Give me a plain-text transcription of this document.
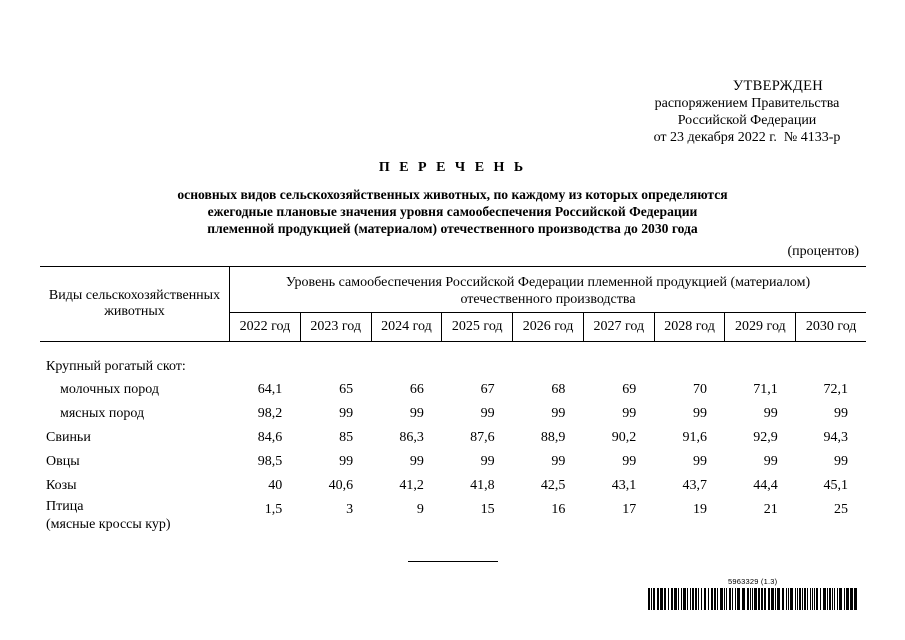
УТВЕРЖДЕН
распоряжением Правительства
Российской Федерации
от 23 декабря 2022 г.  № 4133-р
П Е Р Е Ч Е Н Ь
основных видов сельскохозяйственных животных, по каждому из которых определяются
ежегодные плановые значения уровня самообеспечения Российской Федерации
племенной продукцией (материалом) отечественного производства до 2030 года
(процентов)
Виды сельскохозяйственных животных	Уровень самообеспечения Российской Федерации племенной продукцией (материалом) отечественного производства								
	2022 год	2023 год	2024 год	2025 год	2026 год	2027 год	2028 год	2029 год	2030 год

Крупный рогатый скот:									
молочных пород	64,1	65	66	67	68	69	70	71,1	72,1
мясных пород	98,2	99	99	99	99	99	99	99	99
Свиньи	84,6	85	86,3	87,6	88,9	90,2	91,6	92,9	94,3
Овцы	98,5	99	99	99	99	99	99	99	99
Козы	40	40,6	41,2	41,8	42,5	43,1	43,7	44,4	45,1

Птица
(мясные кроссы кур)	1,5	3	9	15	16	17	19	21	25
5963329 (1.3)
